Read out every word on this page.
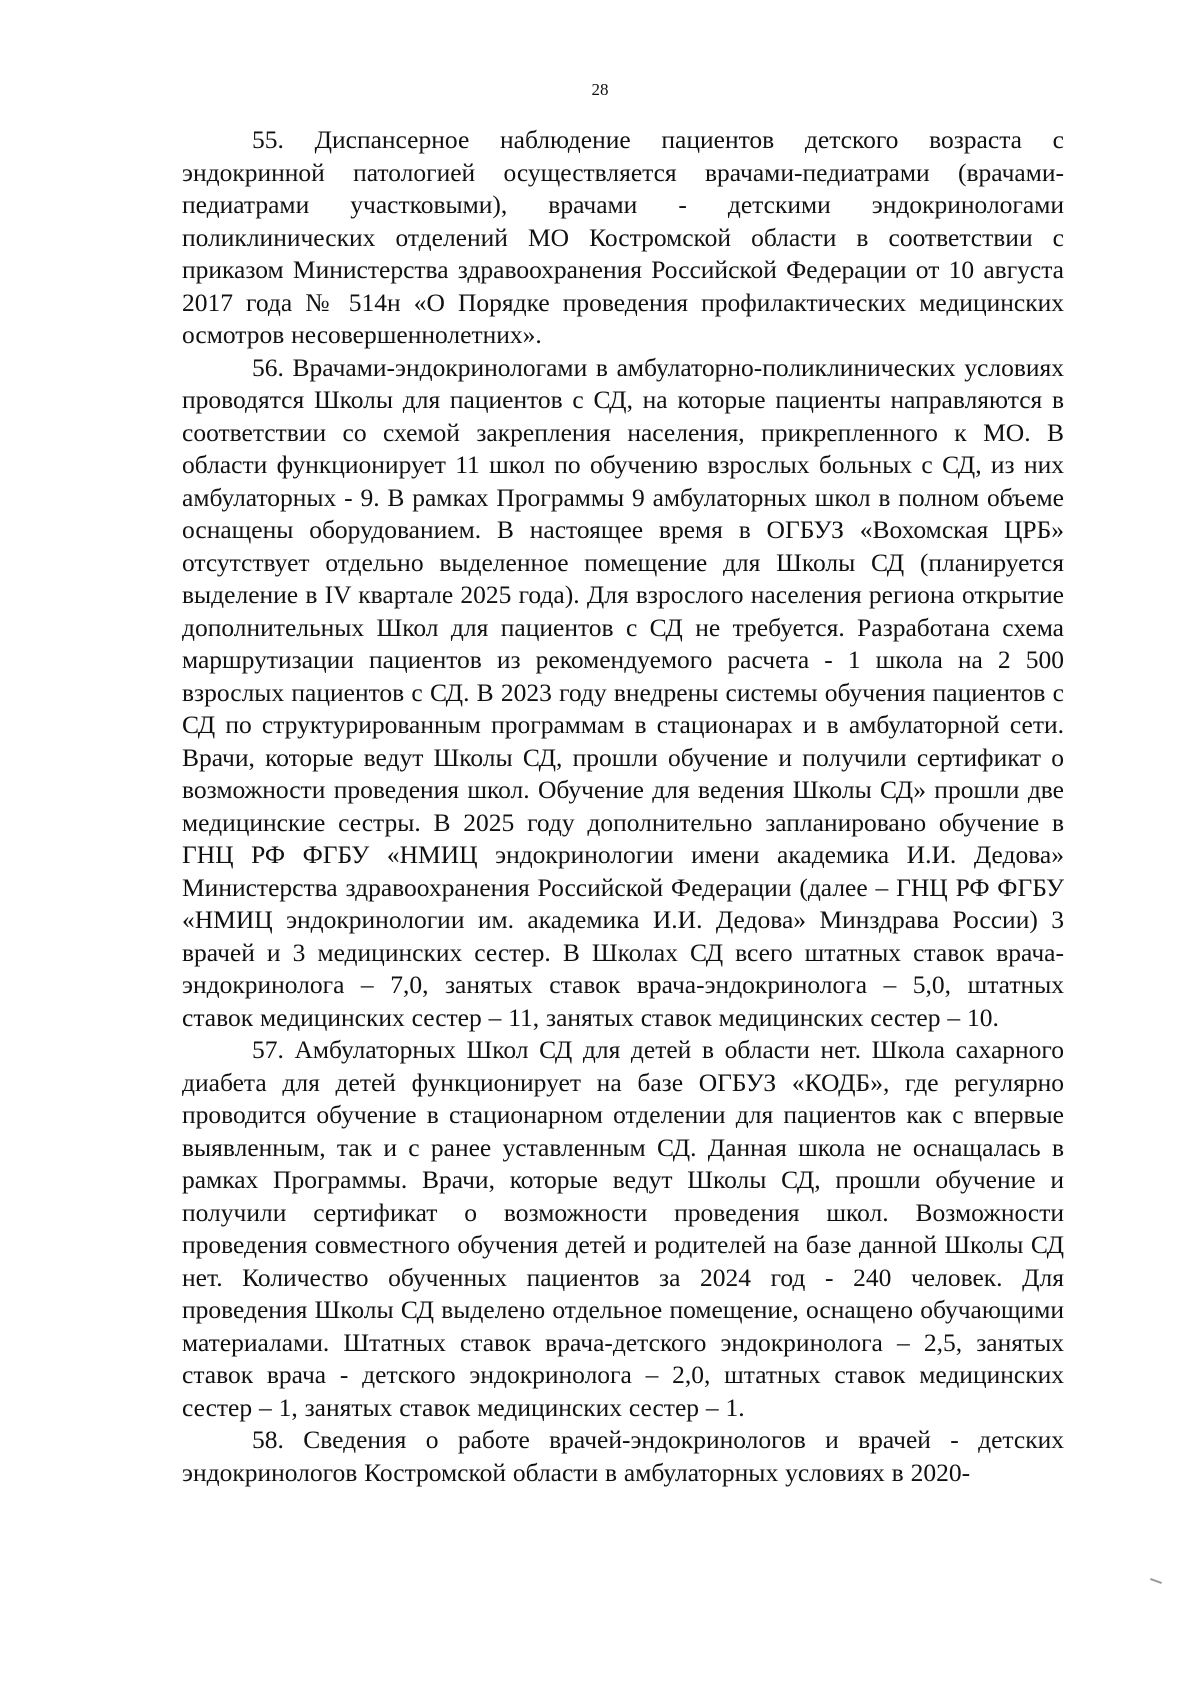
28

55. Диспансерное наблюдение пациентов детского возраста с эндокринной патологией осуществляется врачами-педиатрами (врачами-педиатрами участковыми), врачами - детскими эндокринологами поликлинических отделений МО Костромской области в соответствии с приказом Министерства здравоохранения Российской Федерации от 10 августа 2017 года № 514н «О Порядке проведения профилактических медицинских осмотров несовершеннолетних».

56. Врачами-эндокринологами в амбулаторно-поликлинических условиях проводятся Школы для пациентов с СД, на которые пациенты направляются в соответствии со схемой закрепления населения, прикрепленного к МО. В области функционирует 11 школ по обучению взрослых больных с СД, из них амбулаторных - 9. В рамках Программы 9 амбулаторных школ в полном объеме оснащены оборудованием. В настоящее время в ОГБУЗ «Вохомская ЦРБ» отсутствует отдельно выделенное помещение для Школы СД (планируется выделение в IV квартале 2025 года). Для взрослого населения региона открытие дополнительных Школ для пациентов с СД не требуется. Разработана схема маршрутизации пациентов из рекомендуемого расчета - 1 школа на 2 500 взрослых пациентов с СД. В 2023 году внедрены системы обучения пациентов с СД по структурированным программам в стационарах и в амбулаторной сети. Врачи, которые ведут Школы СД, прошли обучение и получили сертификат о возможности проведения школ. Обучение для ведения Школы СД» прошли две медицинские сестры. В 2025 году дополнительно запланировано обучение в ГНЦ РФ ФГБУ «НМИЦ эндокринологии имени академика И.И. Дедова» Министерства здравоохранения Российской Федерации (далее – ГНЦ РФ ФГБУ «НМИЦ эндокринологии им. академика И.И. Дедова» Минздрава России) 3 врачей и 3 медицинских сестер. В Школах СД всего штатных ставок врача-эндокринолога – 7,0, занятых ставок врача-эндокринолога – 5,0, штатных ставок медицинских сестер – 11, занятых ставок медицинских сестер – 10.

57. Амбулаторных Школ СД для детей в области нет. Школа сахарного диабета для детей функционирует на базе ОГБУЗ «КОДБ», где регулярно проводится обучение в стационарном отделении для пациентов как с впервые выявленным, так и с ранее уставленным СД. Данная школа не оснащалась в рамках Программы. Врачи, которые ведут Школы СД, прошли обучение и получили сертификат о возможности проведения школ. Возможности проведения совместного обучения детей и родителей на базе данной Школы СД нет. Количество обученных пациентов за 2024 год - 240 человек. Для проведения Школы СД выделено отдельное помещение, оснащено обучающими материалами. Штатных ставок врача-детского эндокринолога – 2,5, занятых ставок врача - детского эндокринолога – 2,0, штатных ставок медицинских сестер – 1, занятых ставок медицинских сестер – 1.

58. Сведения о работе врачей-эндокринологов и врачей - детских эндокринологов Костромской области в амбулаторных условиях в 2020-
